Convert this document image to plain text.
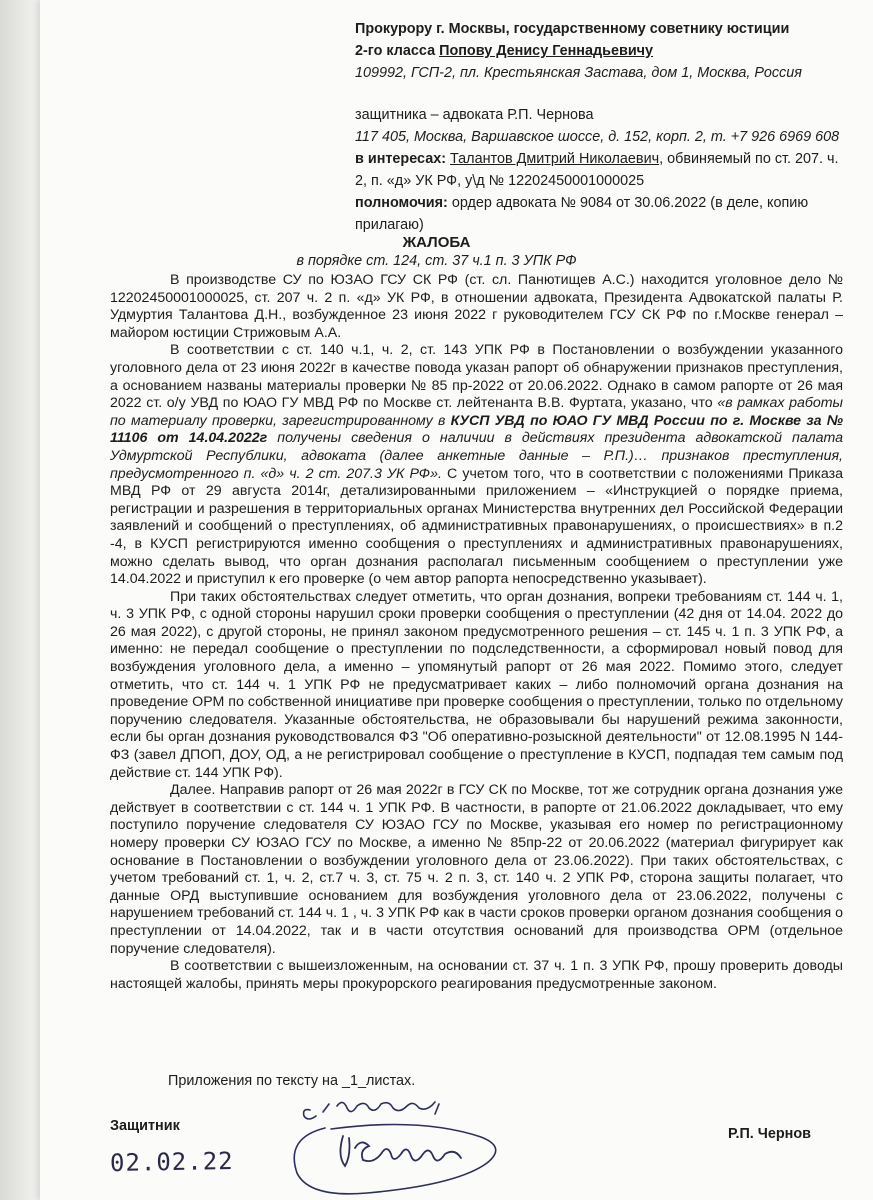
Прокурору г. Москвы, государственному советнику юстиции

2-го класса Попову Денису Геннадьевичу

109992, ГСП-2, пл. Крестьянская Застава, дом 1, Москва, Россия

защитника – адвоката Р.П. Чернова

117 405, Москва, Варшавское шоссе, д. 152, корп. 2, т. +7 926 6969 608

в интересах: Талантов Дмитрий Николаевич, обвиняемый по ст. 207. ч. 2, п. «д» УК РФ, у\д № 12202450001000025

полномочия: ордер адвоката № 9084 от 30.06.2022 (в деле, копию прилагаю)

ЖАЛОБА
в порядке ст. 124, ст. 37 ч.1 п. 3 УПК РФ

В производстве СУ по ЮЗАО ГСУ СК РФ (ст. сл. Панютищев А.С.) находится уголовное дело № 12202450001000025, ст. 207 ч. 2 п. «д» УК РФ, в отношении адвоката, Президента Адвокатской палаты Р. Удмуртия Талантова Д.Н., возбужденное 23 июня 2022 г руководителем ГСУ СК РФ по г.Москве генерал –майором юстиции Стрижовым А.А.

В соответствии с ст. 140 ч.1, ч. 2, ст. 143 УПК РФ в Постановлении о возбуждении указанного уголовного дела от 23 июня 2022г в качестве повода указан рапорт об обнаружении признаков преступления, а основанием названы материалы проверки № 85 пр-2022 от 20.06.2022. Однако в самом рапорте от 26 мая 2022 ст. о/у УВД по ЮАО ГУ МВД РФ по Москве ст. лейтенанта В.В. Фуртата, указано, что «в рамках работы по материалу проверки, зарегистрированному в КУСП УВД по ЮАО ГУ МВД России по г. Москве за № 11106 от 14.04.2022г получены сведения о наличии в действиях президента адвокатской палата Удмуртской Республики, адвоката (далее анкетные данные – Р.П.)… признаков преступления, предусмотренного п. «д» ч. 2 ст. 207.3 УК РФ». С учетом того, что в соответствии с положениями Приказа МВД РФ от 29 августа 2014г, детализированными приложением – «Инструкцией о порядке приема, регистрации и разрешения в территориальных органах Министерства внутренних дел Российской Федерации заявлений и сообщений о преступлениях, об административных правонарушениях, о происшествиях» в п.2 -4, в КУСП регистрируются именно сообщения о преступлениях и административных правонарушениях, можно сделать вывод, что орган дознания располагал письменным сообщением о преступлении уже 14.04.2022 и приступил к его проверке (о чем автор рапорта непосредственно указывает).

При таких обстоятельствах следует отметить, что орган дознания, вопреки требованиям ст. 144 ч. 1, ч. 3 УПК РФ, с одной стороны нарушил сроки проверки сообщения о преступлении (42 дня от 14.04. 2022 до 26 мая 2022), с другой стороны, не принял законом предусмотренного решения – ст. 145 ч. 1 п. 3 УПК РФ, а именно: не передал сообщение о преступлении по подследственности, а сформировал новый повод для возбуждения уголовного дела, а именно – упомянутый рапорт от 26 мая 2022. Помимо этого, следует отметить, что ст. 144 ч. 1 УПК РФ не предусматривает каких – либо полномочий органа дознания на проведение ОРМ по собственной инициативе при проверке сообщения о преступлении, только по отдельному поручению следователя. Указанные обстоятельства, не образовывали бы нарушений режима законности, если бы орган дознания руководствовался ФЗ "Об оперативно-розыскной деятельности" от 12.08.1995 N 144-ФЗ (завел ДПОП, ДОУ, ОД, а не регистрировал сообщение о преступление в КУСП, подпадая тем самым под действие ст. 144 УПК РФ).

Далее. Направив рапорт от 26 мая 2022г в ГСУ СК по Москве, тот же сотрудник органа дознания уже действует в соответствии с ст. 144 ч. 1 УПК РФ. В частности, в рапорте от 21.06.2022 докладывает, что ему поступило поручение следователя СУ ЮЗАО ГСУ по Москве, указывая его номер по регистрационному номеру проверки СУ ЮЗАО ГСУ по Москве, а именно № 85пр-22 от 20.06.2022 (материал фигурирует как основание в Постановлении о возбуждении уголовного дела от 23.06.2022). При таких обстоятельствах, с учетом требований ст. 1, ч. 2, ст.7 ч. 3, ст. 75 ч. 2 п. 3, ст. 140 ч. 2 УПК РФ, сторона защиты полагает, что данные ОРД выступившие основанием для возбуждения уголовного дела от 23.06.2022, получены с нарушением требований ст. 144 ч. 1 , ч. 3 УПК РФ как в части сроков проверки органом дознания сообщения о преступлении от 14.04.2022, так и в части отсутствия оснований для производства ОРМ (отдельное поручение следователя).

В соответствии с вышеизложенным, на основании ст. 37 ч. 1 п. 3 УПК РФ, прошу проверить доводы настоящей жалобы, принять меры прокурорского реагирования предусмотренные законом.

Приложения по тексту на _1_листах.
Защитник	Р.П. Чернов
02.02.22
